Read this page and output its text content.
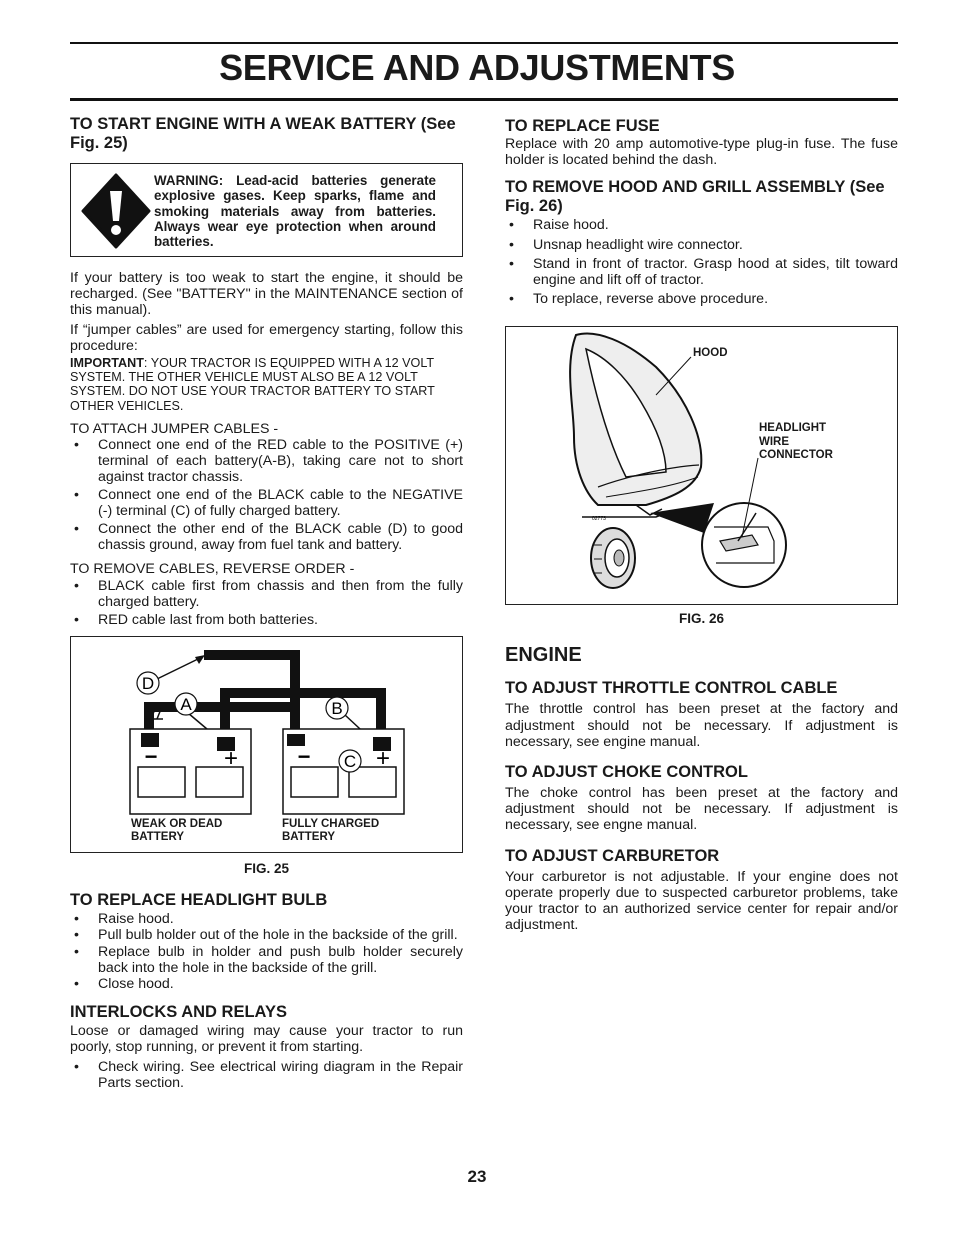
SERVICE AND ADJUSTMENTS
TO START ENGINE WITH A WEAK BATTERY (See Fig. 25)
WARNING: Lead-acid batteries generate explosive gases. Keep sparks, flame and smoking materials away from batteries. Always wear eye protection when around batteries.

If your battery is too weak to start the engine, it should be recharged. (See "BATTERY" in the MAINTENANCE section of this manual).

If “jumper cables” are used for emergency starting, follow this procedure:

IMPORTANT: YOUR TRACTOR IS EQUIPPED WITH A 12 VOLT SYSTEM. THE OTHER VEHICLE MUST ALSO BE A 12 VOLT SYSTEM. DO NOT USE YOUR TRACTOR BATTERY TO START OTHER VEHICLES.

TO ATTACH JUMPER CABLES -

• Connect one end of the RED cable to the POSITIVE (+) terminal of each battery(A-B), taking care not to short against tractor chassis.
• Connect one end of the BLACK cable to the NEGATIVE (-) terminal (C) of fully charged battery.
• Connect the other end of the BLACK cable (D) to good chassis ground, away from fuel tank and battery.

TO REMOVE CABLES, REVERSE ORDER -

• BLACK cable first from chassis and then from the fully charged battery.
• RED cable last from both batteries.
D
A	B
C
−	+	−	+
WEAK OR DEAD BATTERY
FULLY CHARGED BATTERY
FIG. 25
TO REPLACE HEADLIGHT BULB
• Raise hood.
• Pull bulb holder out of the hole in the backside of the grill.
• Replace bulb in holder and push bulb holder securely back into the hole in the backside of the grill.
• Close hood.
INTERLOCKS AND RELAYS

Loose or damaged wiring may cause your tractor to run poorly, stop running, or prevent it from starting.

• Check wiring. See electrical wiring diagram in the Repair Parts section.
TO REPLACE FUSE

Replace with 20 amp automotive-type plug-in fuse. The fuse holder is located behind the dash.

TO REMOVE HOOD AND GRILL ASSEMBLY (See Fig. 26)
• Raise hood.
• Unsnap headlight wire connector.
• Stand in front of tractor. Grasp hood at sides, tilt toward engine and lift off of tractor.
• To replace, reverse above procedure.
02773
HOOD
HEADLIGHT WIRE CONNECTOR
FIG. 26
ENGINE
TO ADJUST THROTTLE CONTROL CABLE

The throttle control has been preset at the factory and adjustment should not be necessary. If adjustment is necessary, see engine manual.

TO ADJUST CHOKE CONTROL

The choke control has been preset at the factory and adjustment should not be necessary. If adjustment is necessary, see engne manual.

TO ADJUST CARBURETOR

Your carburetor is not adjustable. If your engine does not operate properly due to suspected carburetor problems, take your tractor to an authorized service center for repair and/or adjustment.

23
